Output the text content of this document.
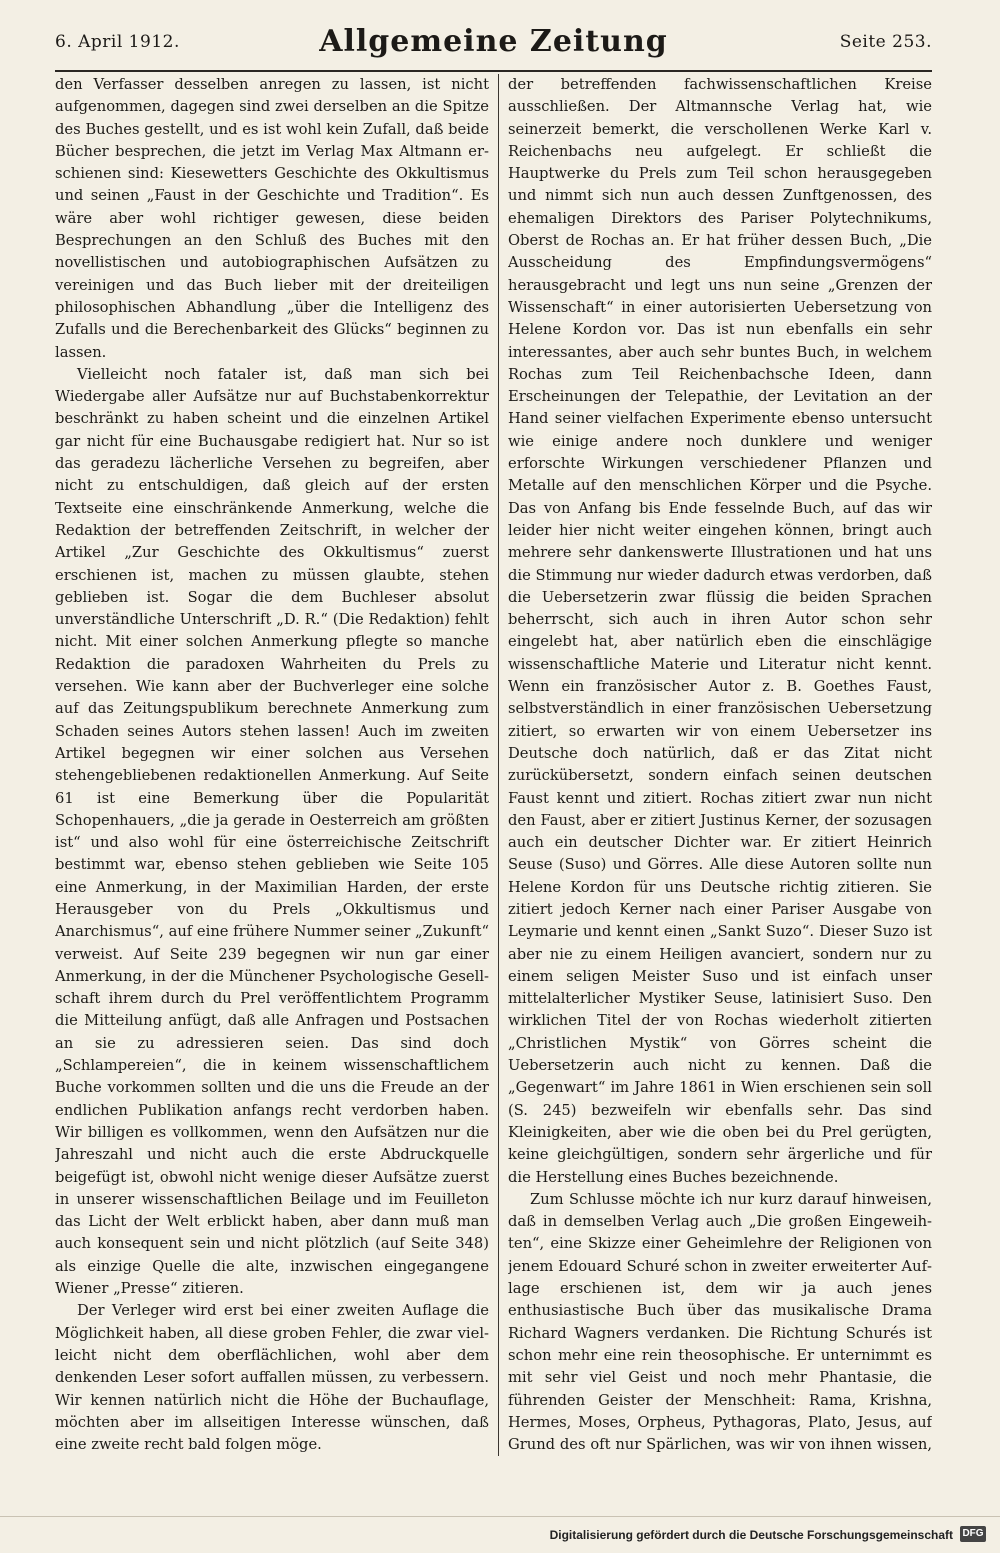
6. April 1912.	Allgemeine Zeitung	Seite 253.

den Verfasser desselben anregen zu lassen, ist nicht aufgenommen, dagegen sind zwei derselben an die Spitze des Buches gestellt, und es ist wohl kein Zufall, daß beide Bücher besprechen, die jetzt im Verlag Max Altmann erschienen sind: Kiesewetters Geschichte des Okkultismus und seinen „Faust in der Geschichte und Tradition“. Es wäre aber wohl richtiger gewesen, diese beiden Besprechungen an den Schluß des Buches mit den novellistischen und autobiographischen Aufsätzen zu vereinigen und das Buch lieber mit der dreiteiligen philosophischen Abhandlung „über die Intelligenz des Zufalls und die Berechenbarkeit des Glücks“ beginnen zu lassen.

Vielleicht noch fataler ist, daß man sich bei Wiedergabe aller Aufsätze nur auf Buchstabenkorrektur beschränkt zu haben scheint und die einzelnen Artikel gar nicht für eine Buchausgabe redigiert hat. Nur so ist das geradezu lächerliche Versehen zu begreifen, aber nicht zu entschuldigen, daß gleich auf der ersten Textseite eine einschränkende Anmerkung, welche die Redaktion der betreffenden Zeitschrift, in welcher der Artikel „Zur Geschichte des Okkultismus“ zuerst erschienen ist, machen zu müssen glaubte, stehen geblieben ist. Sogar die dem Buchleser absolut unverständliche Unterschrift „D. R.“ (Die Redaktion) fehlt nicht. Mit einer solchen Anmerkung pflegte so manche Redaktion die paradoxen Wahrheiten du Prels zu versehen. Wie kann aber der Buchverleger eine solche auf das Zeitungspublikum berechnete Anmerkung zum Schaden seines Autors stehen lassen! Auch im zweiten Artikel begegnen wir einer solchen aus Versehen stehengebliebenen redaktionellen Anmerkung. Auf Seite 61 ist eine Bemerkung über die Popularität Schopenhauers, „die ja gerade in Oesterreich am größten ist“ und also wohl für eine österreichische Zeitschrift bestimmt war, ebenso stehen geblieben wie Seite 105 eine Anmerkung, in der Maximilian Harden, der erste Herausgeber von du Prels „Okkultismus und Anarchismus“, auf eine frühere Nummer seiner „Zukunft“ verweist. Auf Seite 239 begegnen wir nun gar einer Anmerkung, in der die Münchener Psychologische Gesellschaft ihrem durch du Prel veröffentlichtem Programm die Mitteilung anfügt, daß alle Anfragen und Postsachen an sie zu adressieren seien. Das sind doch „Schlampereien“, die in keinem wissenschaftlichem Buche vorkommen sollten und die uns die Freude an der endlichen Publikation anfangs recht verdorben haben. Wir billigen es vollkommen, wenn den Aufsätzen nur die Jahreszahl und nicht auch die erste Abdruckquelle beigefügt ist, obwohl nicht wenige dieser Aufsätze zuerst in unserer wissenschaftlichen Beilage und im Feuilleton das Licht der Welt erblickt haben, aber dann muß man auch konsequent sein und nicht plötzlich (auf Seite 348) als einzige Quelle die alte, inzwischen eingegangene Wiener „Presse“ zitieren.

Der Verleger wird erst bei einer zweiten Auflage die Möglichkeit haben, all diese groben Fehler, die zwar vielleicht nicht dem oberflächlichen, wohl aber dem denkenden Leser sofort auffallen müssen, zu verbessern. Wir kennen natürlich nicht die Höhe der Buchauflage, möchten aber im allseitigen Interesse wünschen, daß eine zweite recht bald folgen möge.

der betreffenden fachwissenschaftlichen Kreise ausschließen. Der Altmannsche Verlag hat, wie seinerzeit bemerkt, die verschollenen Werke Karl v. Reichenbachs neu aufgelegt. Er schließt die Hauptwerke du Prels zum Teil schon herausgegeben und nimmt sich nun auch dessen Zunftgenossen, des ehemaligen Direktors des Pariser Polytechnikums, Oberst de Rochas an. Er hat früher dessen Buch, „Die Ausscheidung des Empfindungsvermögens“ herausgebracht und legt uns nun seine „Grenzen der Wissenschaft“ in einer autorisierten Uebersetzung von Helene Kordon vor. Das ist nun ebenfalls ein sehr interessantes, aber auch sehr buntes Buch, in welchem Rochas zum Teil Reichenbachsche Ideen, dann Erscheinungen der Telepathie, der Levitation an der Hand seiner vielfachen Experimente ebenso untersucht wie einige andere noch dunklere und weniger erforschte Wirkungen verschiedener Pflanzen und Metalle auf den menschlichen Körper und die Psyche. Das von Anfang bis Ende fesselnde Buch, auf das wir leider hier nicht weiter eingehen können, bringt auch mehrere sehr dankenswerte Illustrationen und hat uns die Stimmung nur wieder dadurch etwas verdorben, daß die Uebersetzerin zwar flüssig die beiden Sprachen beherrscht, sich auch in ihren Autor schon sehr eingelebt hat, aber natürlich eben die einschlägige wissenschaftliche Materie und Literatur nicht kennt. Wenn ein französischer Autor z. B. Goethes Faust, selbstverständlich in einer französischen Uebersetzung zitiert, so erwarten wir von einem Uebersetzer ins Deutsche doch natürlich, daß er das Zitat nicht zurückübersetzt, sondern einfach seinen deutschen Faust kennt und zitiert. Rochas zitiert zwar nun nicht den Faust, aber er zitiert Justinus Kerner, der sozusagen auch ein deutscher Dichter war. Er zitiert Heinrich Seuse (Suso) und Görres. Alle diese Autoren sollte nun Helene Kordon für uns Deutsche richtig zitieren. Sie zitiert jedoch Kerner nach einer Pariser Ausgabe von Leymarie und kennt einen „Sankt Suzo“. Dieser Suzo ist aber nie zu einem Heiligen avanciert, sondern nur zu einem seligen Meister Suso und ist einfach unser mittelalterlicher Mystiker Seuse, latinisiert Suso. Den wirklichen Titel der von Rochas wiederholt zitierten „Christlichen Mystik“ von Görres scheint die Uebersetzerin auch nicht zu kennen. Daß die „Gegenwart“ im Jahre 1861 in Wien erschienen sein soll (S. 245) bezweifeln wir ebenfalls sehr. Das sind Kleinigkeiten, aber wie die oben bei du Prel gerügten, keine gleichgültigen, sondern sehr ärgerliche und für die Herstellung eines Buches bezeichnende.

Zum Schlusse möchte ich nur kurz darauf hinweisen, daß in demselben Verlag auch „Die großen Eingeweihten“, eine Skizze einer Geheimlehre der Religionen von jenem Edouard Schuré schon in zweiter erweiterter Auflage erschienen ist, dem wir ja auch jenes enthusiastische Buch über das musikalische Drama Richard Wagners verdanken. Die Richtung Schurés ist schon mehr eine rein theosophische. Er unternimmt es mit sehr viel Geist und noch mehr Phantasie, die führenden Geister der Menschheit: Rama, Krishna, Hermes, Moses, Orpheus, Pythagoras, Plato, Jesus, auf Grund des oft nur Spärlichen, was wir von ihnen wissen,

Digitalisierung gefördert durch die Deutsche Forschungsgemeinschaft DFG
